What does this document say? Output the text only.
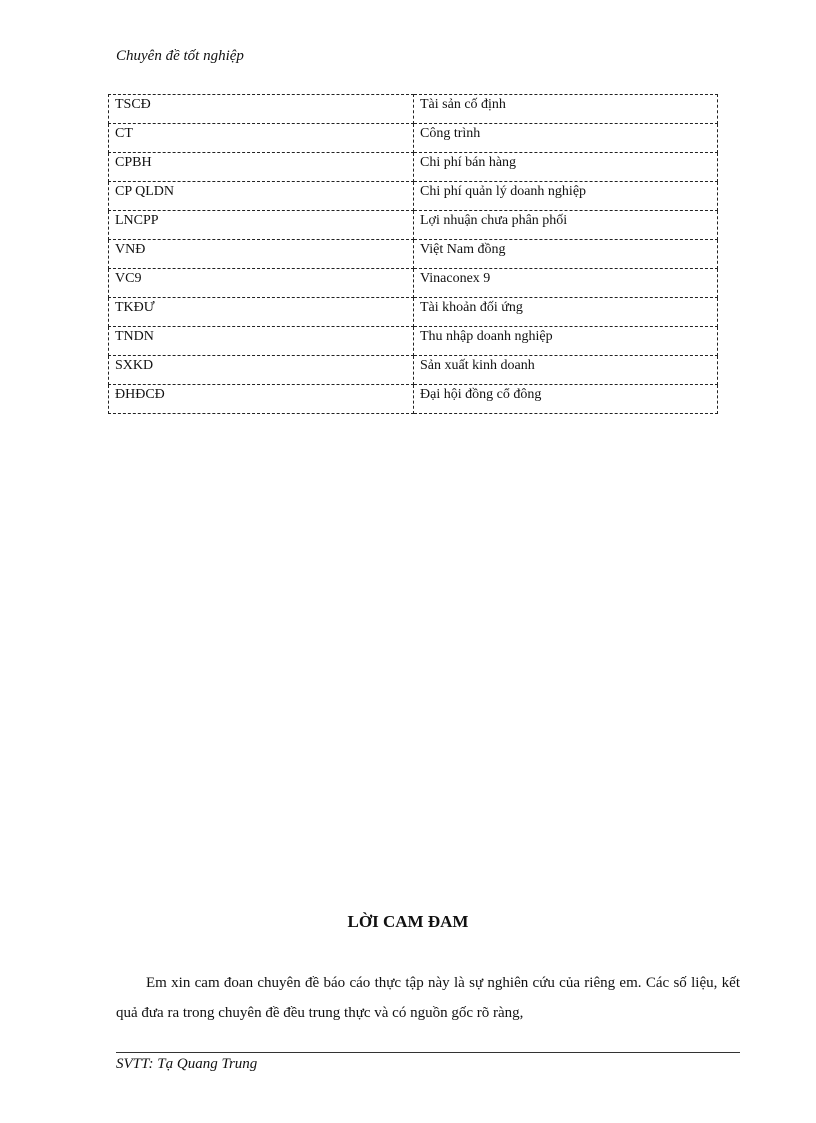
Chuyên đề tốt nghiệp
TSCĐ	Tài sản cố định
CT	Công trình
CPBH	Chi phí bán hàng
CP QLDN	Chi phí quản lý doanh nghiệp
LNCPP	Lợi nhuận chưa phân phối
VNĐ	Việt Nam đồng
VC9	Vinaconex 9
TKĐƯ	Tài khoản đối ứng
TNDN	Thu nhập doanh nghiệp
SXKD	Sản xuất kinh doanh
ĐHĐCĐ	Đại hội đồng cổ đông
LỜI CAM ĐAM
Em xin cam đoan chuyên đề báo cáo thực tập này là sự nghiên cứu của riêng em. Các số liệu, kết quả đưa ra trong chuyên đề đều trung thực và có nguồn gốc rõ ràng,
SVTT: Tạ Quang Trung
